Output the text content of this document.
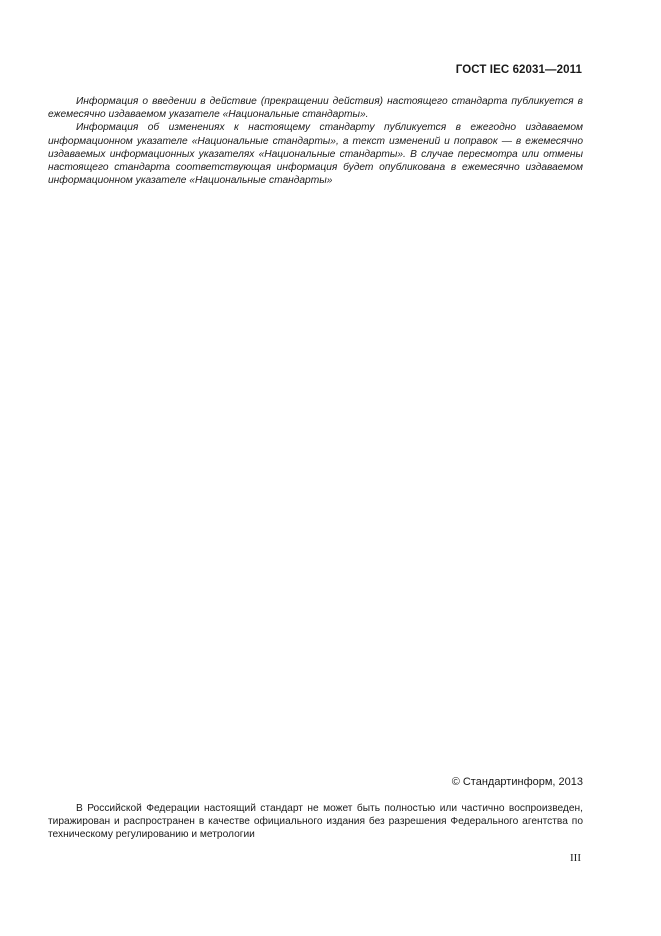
ГОСТ IEC 62031—2011

Информация о введении в действие (прекращении действия) настоящего стандарта публикуется в ежемесячно издаваемом указателе «Национальные стандарты».

Информация об изменениях к настоящему стандарту публикуется в ежегодно издаваемом информационном указателе «Национальные стандарты», а текст изменений и поправок — в ежемесячно издаваемых информационных указателях «Национальные стандарты». В случае пересмотра или отмены настоящего стандарта соответствующая информация будет опубликована в ежемесячно издаваемом информационном указателе «Национальные стандарты»

© Стандартинформ, 2013

В Российской Федерации настоящий стандарт не может быть полностью или частично воспроизведен, тиражирован и распространен в качестве официального издания без разрешения Федерального агентства по техническому регулированию и метрологии

III
